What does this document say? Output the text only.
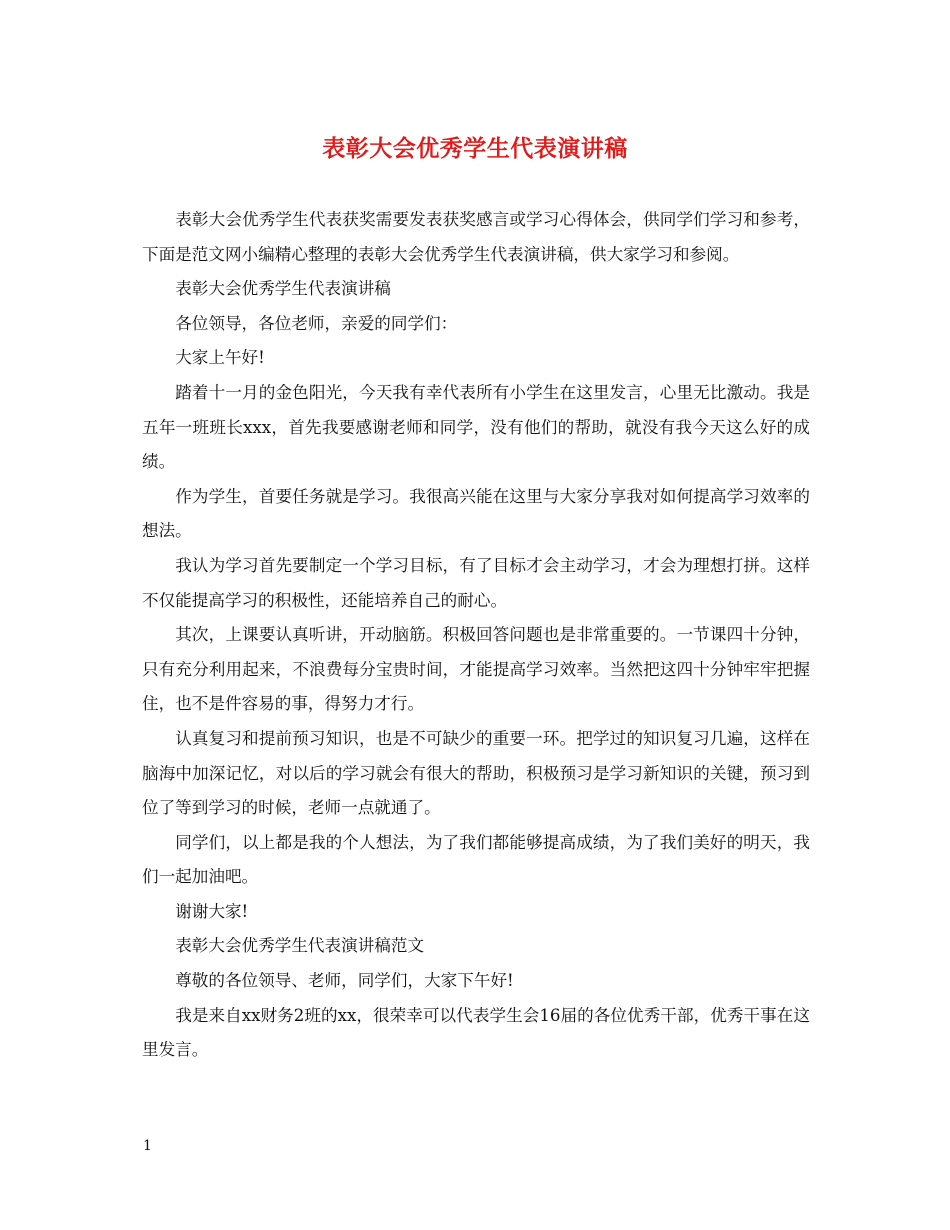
表彰大会优秀学生代表演讲稿

表彰大会优秀学生代表获奖需要发表获奖感言或学习心得体会，供同学们学习和参考，下面是范文网小编精心整理的表彰大会优秀学生代表演讲稿，供大家学习和参阅。

表彰大会优秀学生代表演讲稿

各位领导，各位老师，亲爱的同学们：

大家上午好!

踏着十一月的金色阳光，今天我有幸代表所有小学生在这里发言，心里无比激动。我是五年一班班长xxx，首先我要感谢老师和同学，没有他们的帮助，就没有我今天这么好的成绩。

作为学生，首要任务就是学习。我很高兴能在这里与大家分享我对如何提高学习效率的想法。

我认为学习首先要制定一个学习目标，有了目标才会主动学习，才会为理想打拼。这样不仅能提高学习的积极性，还能培养自己的耐心。

其次，上课要认真听讲，开动脑筋。积极回答问题也是非常重要的。一节课四十分钟，只有充分利用起来，不浪费每分宝贵时间，才能提高学习效率。当然把这四十分钟牢牢把握住，也不是件容易的事，得努力才行。

认真复习和提前预习知识，也是不可缺少的重要一环。把学过的知识复习几遍，这样在脑海中加深记忆，对以后的学习就会有很大的帮助，积极预习是学习新知识的关键，预习到位了等到学习的时候，老师一点就通了。

同学们，以上都是我的个人想法，为了我们都能够提高成绩，为了我们美好的明天，我们一起加油吧。

谢谢大家!

表彰大会优秀学生代表演讲稿范文

尊敬的各位领导、老师，同学们，大家下午好!

我是来自xx财务2班的xx，很荣幸可以代表学生会16届的各位优秀干部，优秀干事在这里发言。

1
